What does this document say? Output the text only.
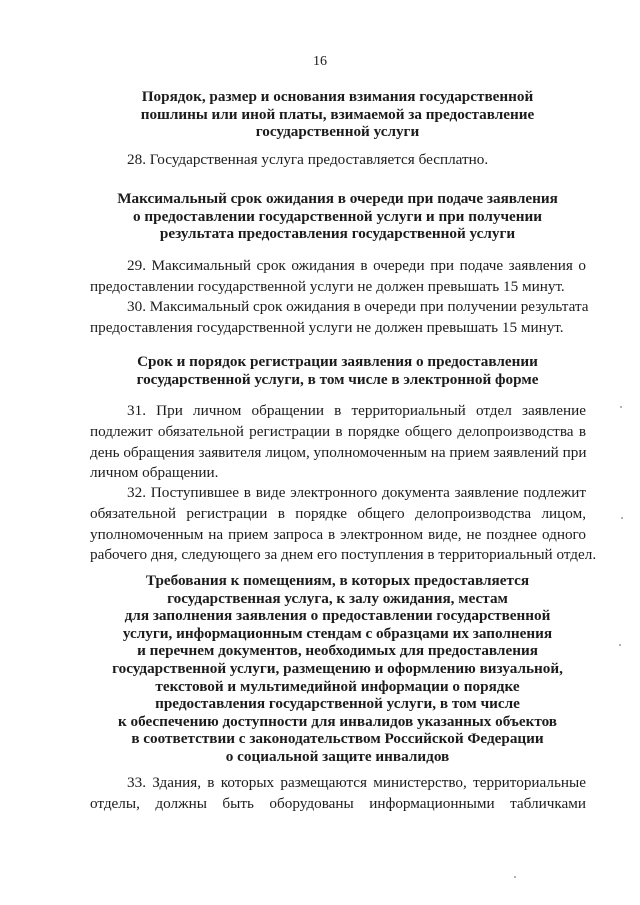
16
Порядок, размер и основания взимания государственной
пошлины или иной платы, взимаемой за предоставление
государственной услуги
28. Государственная услуга предоставляется бесплатно.
Максимальный срок ожидания в очереди при подаче заявления
о предоставлении государственной услуги и при получении
результата предоставления государственной услуги
29. Максимальный срок ожидания в очереди при подаче заявления о
предоставлении государственной услуги не должен превышать 15 минут.
30. Максимальный срок ожидания в очереди при получении результата
предоставления государственной услуги не должен превышать 15 минут.
Срок и порядок регистрации заявления о предоставлении
государственной услуги, в том числе в электронной форме
31. При личном обращении в территориальный отдел заявление
подлежит обязательной регистрации в порядке общего делопроизводства в
день обращения заявителя лицом, уполномоченным на прием заявлений при
личном обращении.
32. Поступившее в виде электронного документа заявление подлежит
обязательной регистрации в порядке общего делопроизводства лицом,
уполномоченным на прием запроса в электронном виде, не позднее одного
рабочего дня, следующего за днем его поступления в территориальный отдел.
Требования к помещениям, в которых предоставляется
государственная услуга, к залу ожидания, местам
для заполнения заявления о предоставлении государственной
услуги, информационным стендам с образцами их заполнения
и перечнем документов, необходимых для предоставления
государственной услуги, размещению и оформлению визуальной,
текстовой и мультимедийной информации о порядке
предоставления государственной услуги, в том числе
к обеспечению доступности для инвалидов указанных объектов
в соответствии с законодательством Российской Федерации
о социальной защите инвалидов
33. Здания, в которых размещаются министерство, территориальные
отделы, должны быть оборудованы информационными табличками
